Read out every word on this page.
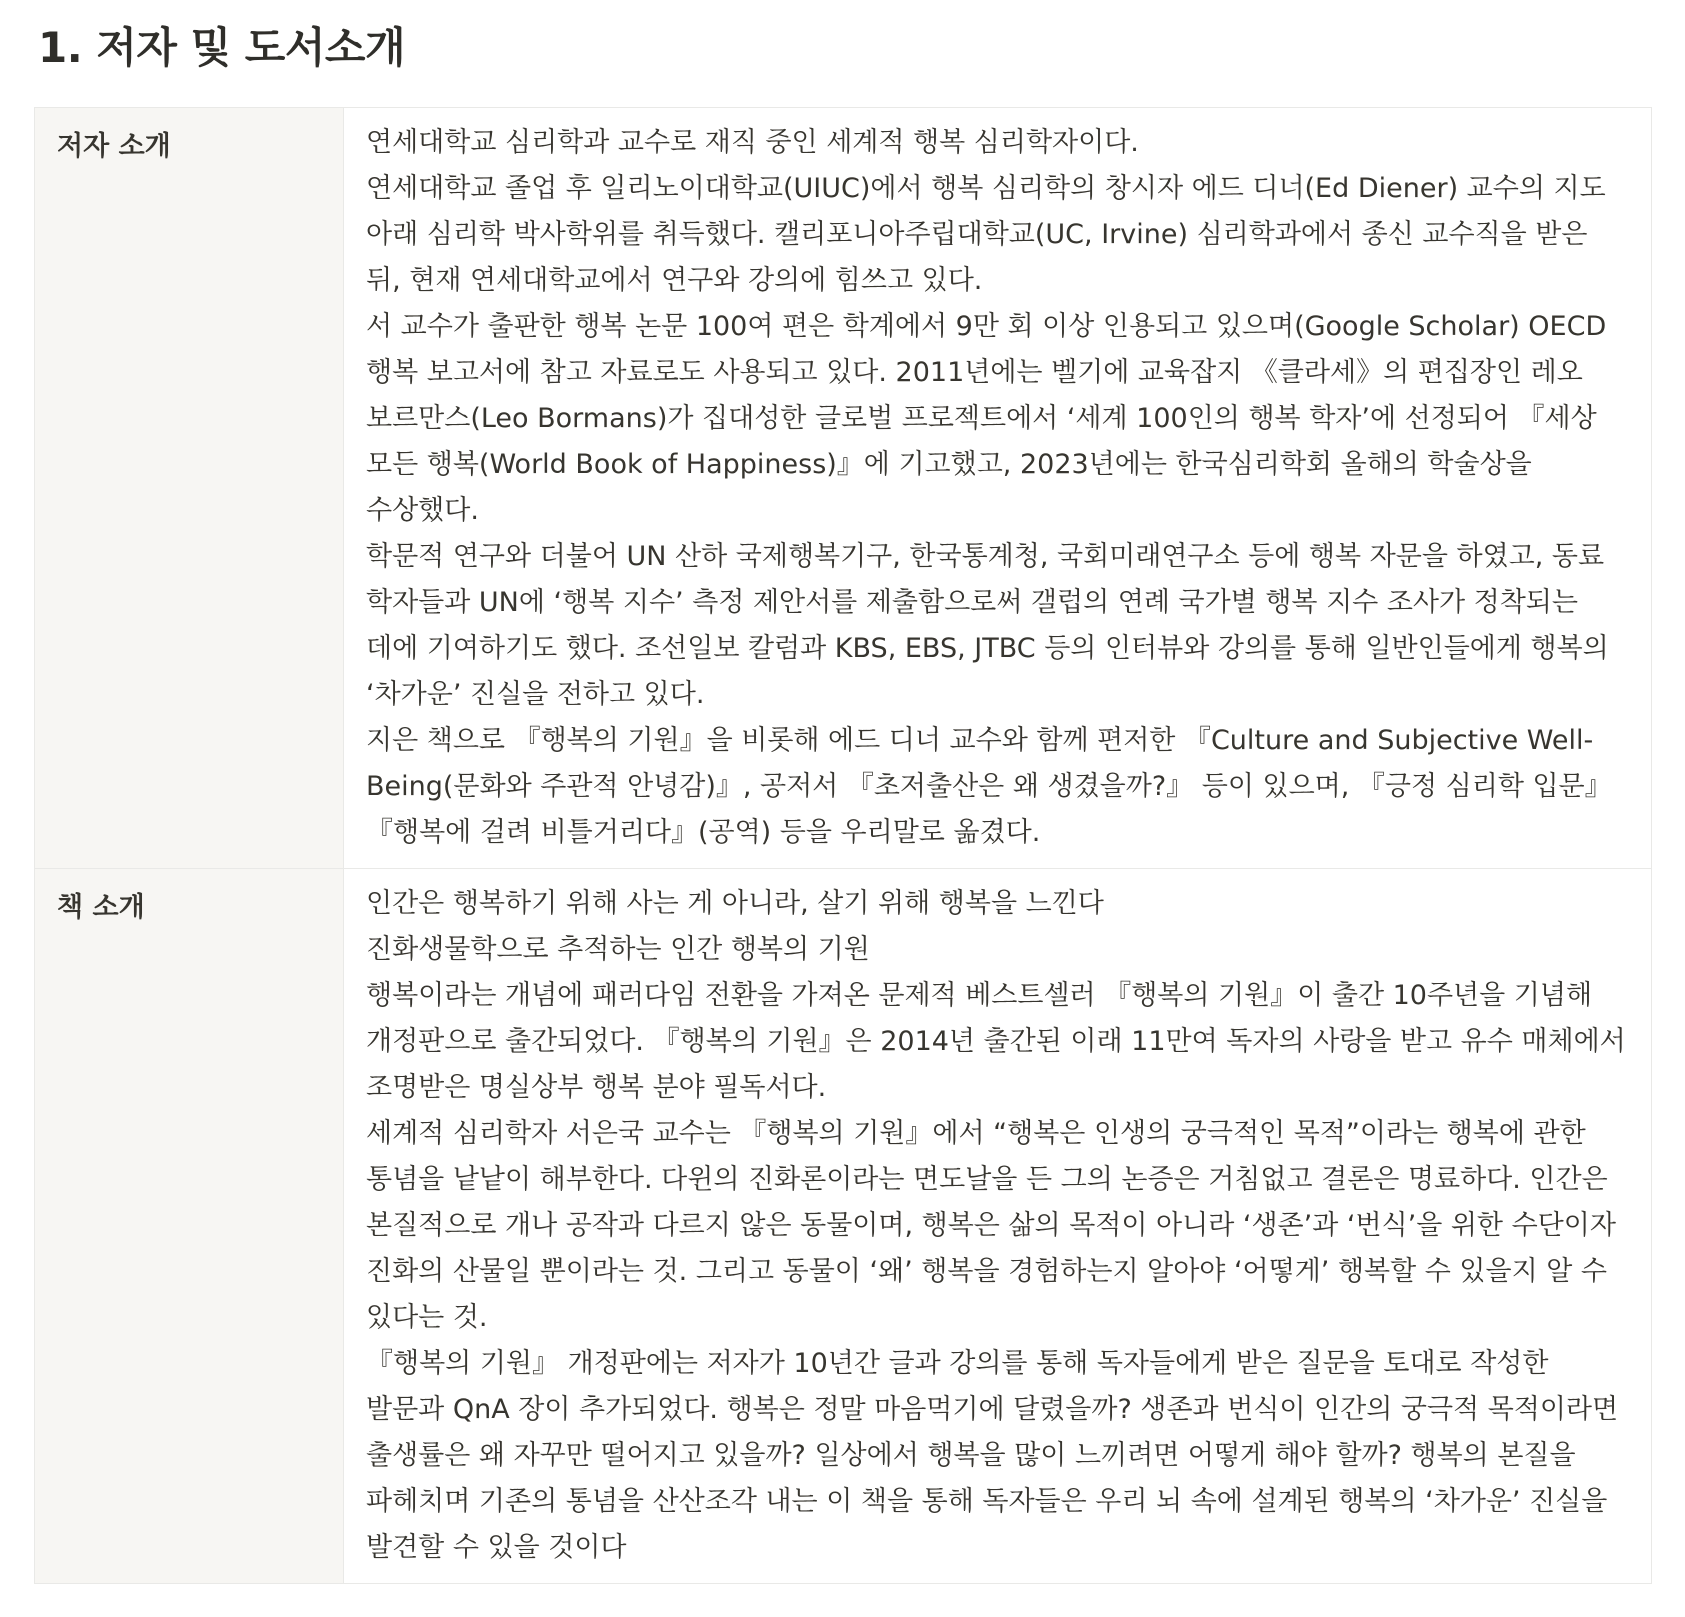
1. 저자 및 도서소개
저자 소개	연세대학교 심리학과 교수로 재직 중인 세계적 행복 심리학자이다.
연세대학교 졸업 후 일리노이대학교(UIUC)에서 행복 심리학의 창시자 에드 디너(Ed Diener) 교수의 지도 아래 심리학 박사학위를 취득했다. 캘리포니아주립대학교(UC, Irvine) 심리학과에서 종신 교수직을 받은 뒤, 현재 연세대학교에서 연구와 강의에 힘쓰고 있다.
서 교수가 출판한 행복 논문 100여 편은 학계에서 9만 회 이상 인용되고 있으며(Google Scholar) OECD 행복 보고서에 참고 자료로도 사용되고 있다. 2011년에는 벨기에 교육잡지 《클라세》의 편집장인 레오 보르만스(Leo Bormans)가 집대성한 글로벌 프로젝트에서 ‘세계 100인의 행복 학자’에 선정되어 『세상 모든 행복(World Book of Happiness)』에 기고했고, 2023년에는 한국심리학회 올해의 학술상을 수상했다.
학문적 연구와 더불어 UN 산하 국제행복기구, 한국통계청, 국회미래연구소 등에 행복 자문을 하였고, 동료 학자들과 UN에 ‘행복 지수’ 측정 제안서를 제출함으로써 갤럽의 연례 국가별 행복 지수 조사가 정착되는 데에 기여하기도 했다. 조선일보 칼럼과 KBS, EBS, JTBC 등의 인터뷰와 강의를 통해 일반인들에게 행복의 ‘차가운’ 진실을 전하고 있다.
지은 책으로 『행복의 기원』을 비롯해 에드 디너 교수와 함께 편저한 『Culture and Subjective Well-Being(문화와 주관적 안녕감)』, 공저서 『초저출산은 왜 생겼을까?』 등이 있으며, 『긍정 심리학 입문』 『행복에 걸려 비틀거리다』(공역) 등을 우리말로 옮겼다.

책 소개	인간은 행복하기 위해 사는 게 아니라, 살기 위해 행복을 느낀다
진화생물학으로 추적하는 인간 행복의 기원
행복이라는 개념에 패러다임 전환을 가져온 문제적 베스트셀러 『행복의 기원』이 출간 10주년을 기념해 개정판으로 출간되었다. 『행복의 기원』은 2014년 출간된 이래 11만여 독자의 사랑을 받고 유수 매체에서 조명받은 명실상부 행복 분야 필독서다.
세계적 심리학자 서은국 교수는 『행복의 기원』에서 “행복은 인생의 궁극적인 목적”이라는 행복에 관한 통념을 낱낱이 해부한다. 다윈의 진화론이라는 면도날을 든 그의 논증은 거침없고 결론은 명료하다. 인간은 본질적으로 개나 공작과 다르지 않은 동물이며, 행복은 삶의 목적이 아니라 ‘생존’과 ‘번식’을 위한 수단이자 진화의 산물일 뿐이라는 것. 그리고 동물이 ‘왜’ 행복을 경험하는지 알아야 ‘어떻게’ 행복할 수 있을지 알 수 있다는 것.
『행복의 기원』 개정판에는 저자가 10년간 글과 강의를 통해 독자들에게 받은 질문을 토대로 작성한 발문과 QnA 장이 추가되었다. 행복은 정말 마음먹기에 달렸을까? 생존과 번식이 인간의 궁극적 목적이라면 출생률은 왜 자꾸만 떨어지고 있을까? 일상에서 행복을 많이 느끼려면 어떻게 해야 할까? 행복의 본질을 파헤치며 기존의 통념을 산산조각 내는 이 책을 통해 독자들은 우리 뇌 속에 설계된 행복의 ‘차가운’ 진실을 발견할 수 있을 것이다
